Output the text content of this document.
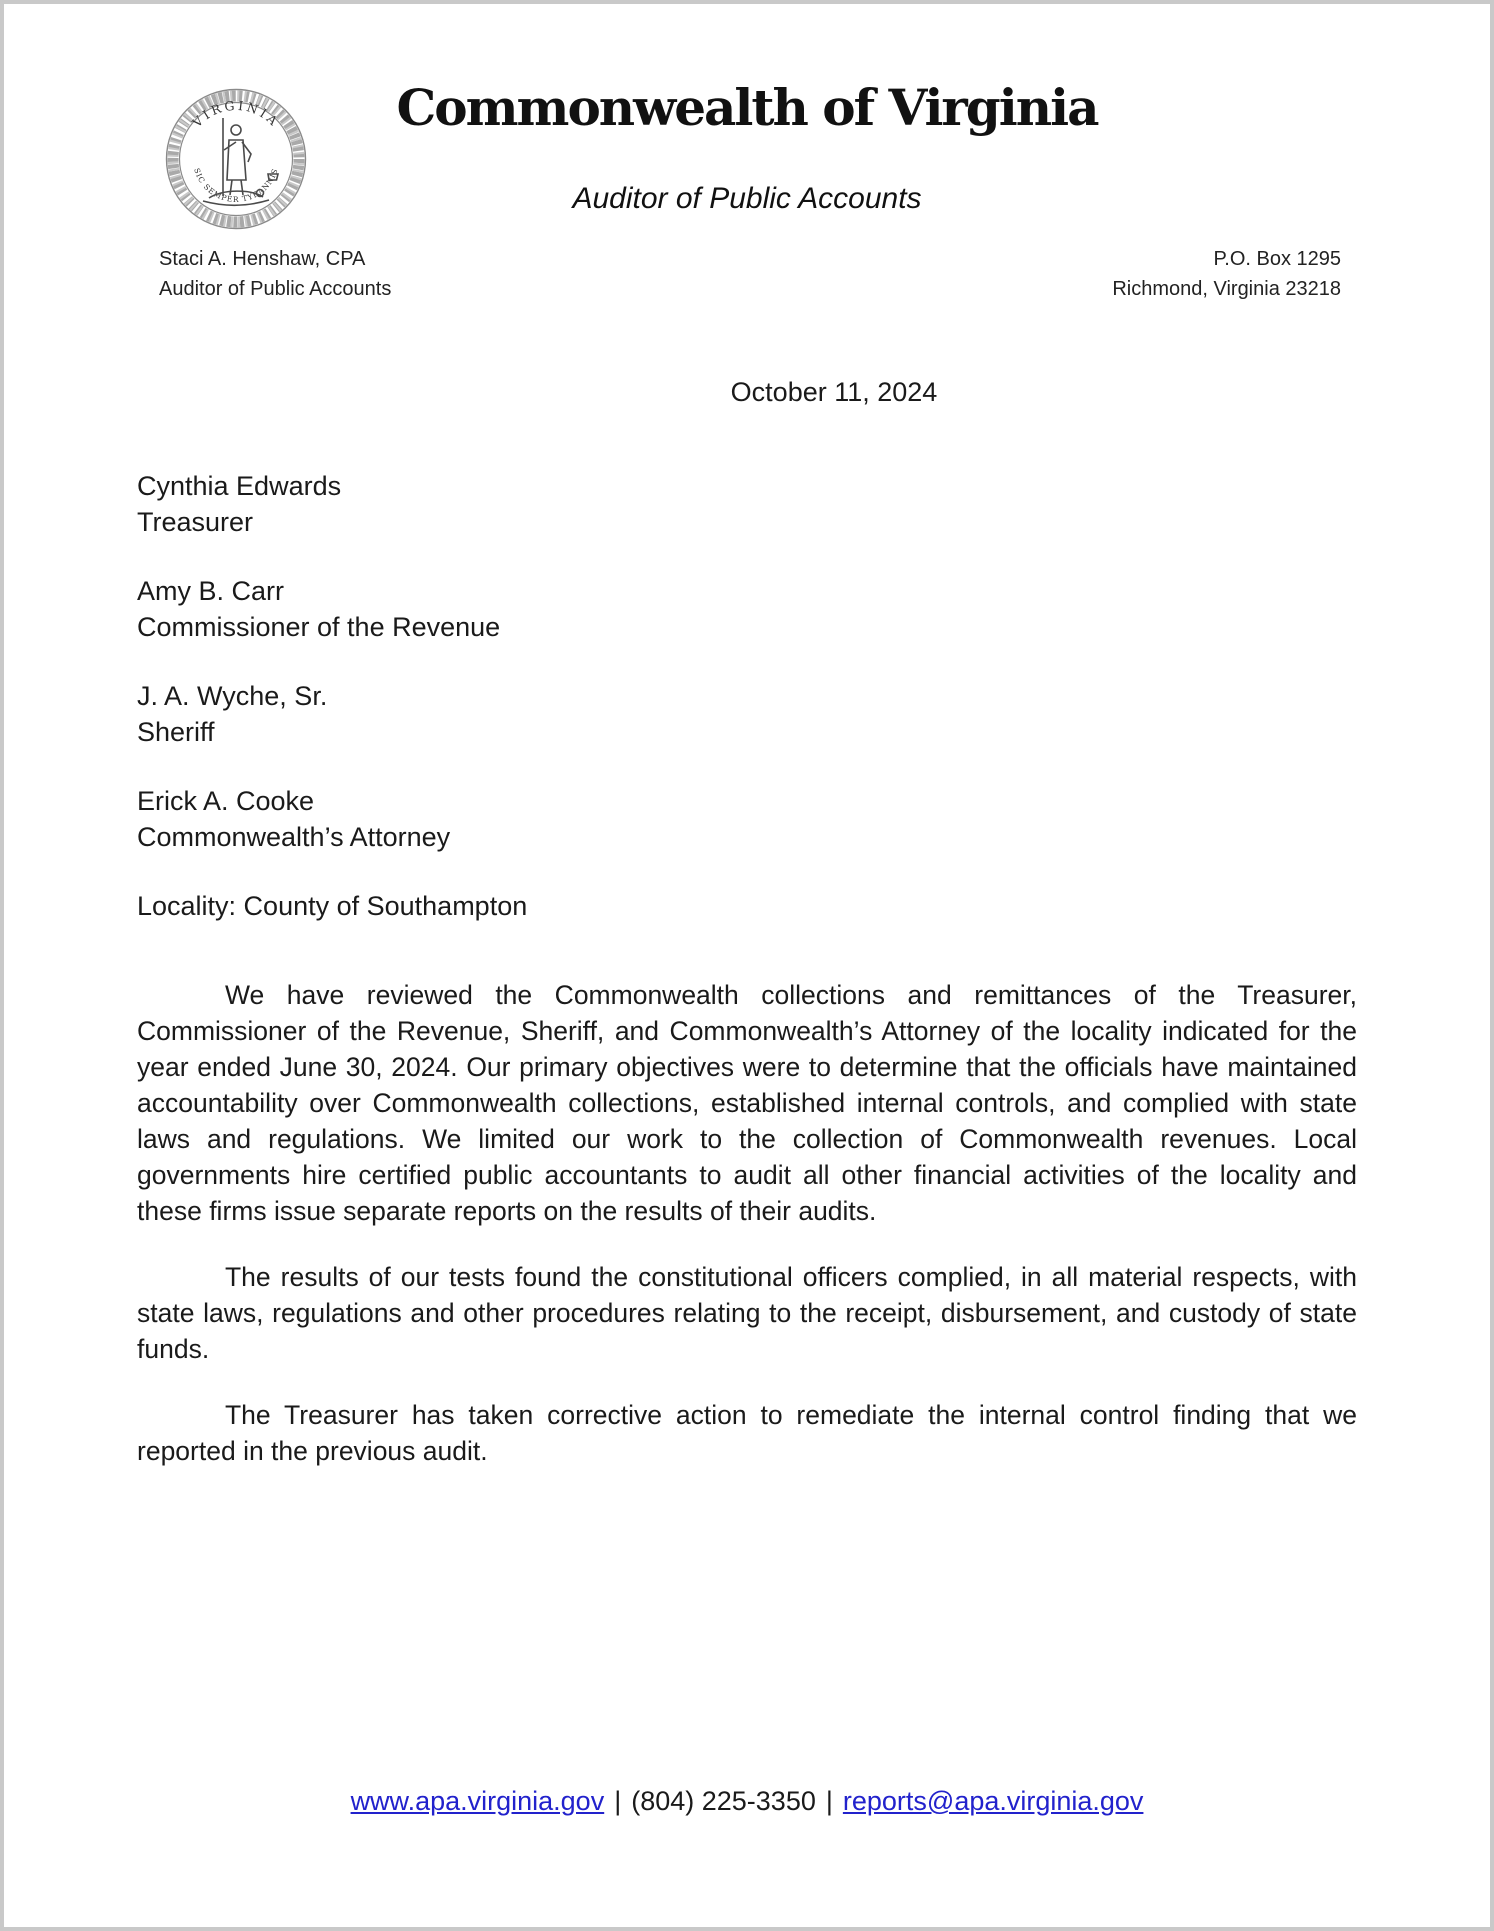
VIRGINIA
SIC SEMPER TYRANNIS
Commonwealth of Virginia
Auditor of Public Accounts
Staci A. Henshaw, CPA
Auditor of Public Accounts
P.O. Box 1295
Richmond, Virginia 23218
October 11, 2024
Cynthia Edwards
Treasurer
Amy B. Carr
Commissioner of the Revenue
J. A. Wyche, Sr.
Sheriff
Erick A. Cooke
Commonwealth’s Attorney
Locality: County of Southampton

We have reviewed the Commonwealth collections and remittances of the Treasurer, Commissioner of the Revenue, Sheriff, and Commonwealth’s Attorney of the locality indicated for the year ended June 30, 2024. Our primary objectives were to determine that the officials have maintained accountability over Commonwealth collections, established internal controls, and complied with state laws and regulations. We limited our work to the collection of Commonwealth revenues. Local governments hire certified public accountants to audit all other financial activities of the locality and these firms issue separate reports on the results of their audits.

The results of our tests found the constitutional officers complied, in all material respects, with state laws, regulations and other procedures relating to the receipt, disbursement, and custody of state funds.

The Treasurer has taken corrective action to remediate the internal control finding that we reported in the previous audit.

www.apa.virginia.gov | (804) 225-3350 | reports@apa.virginia.gov
